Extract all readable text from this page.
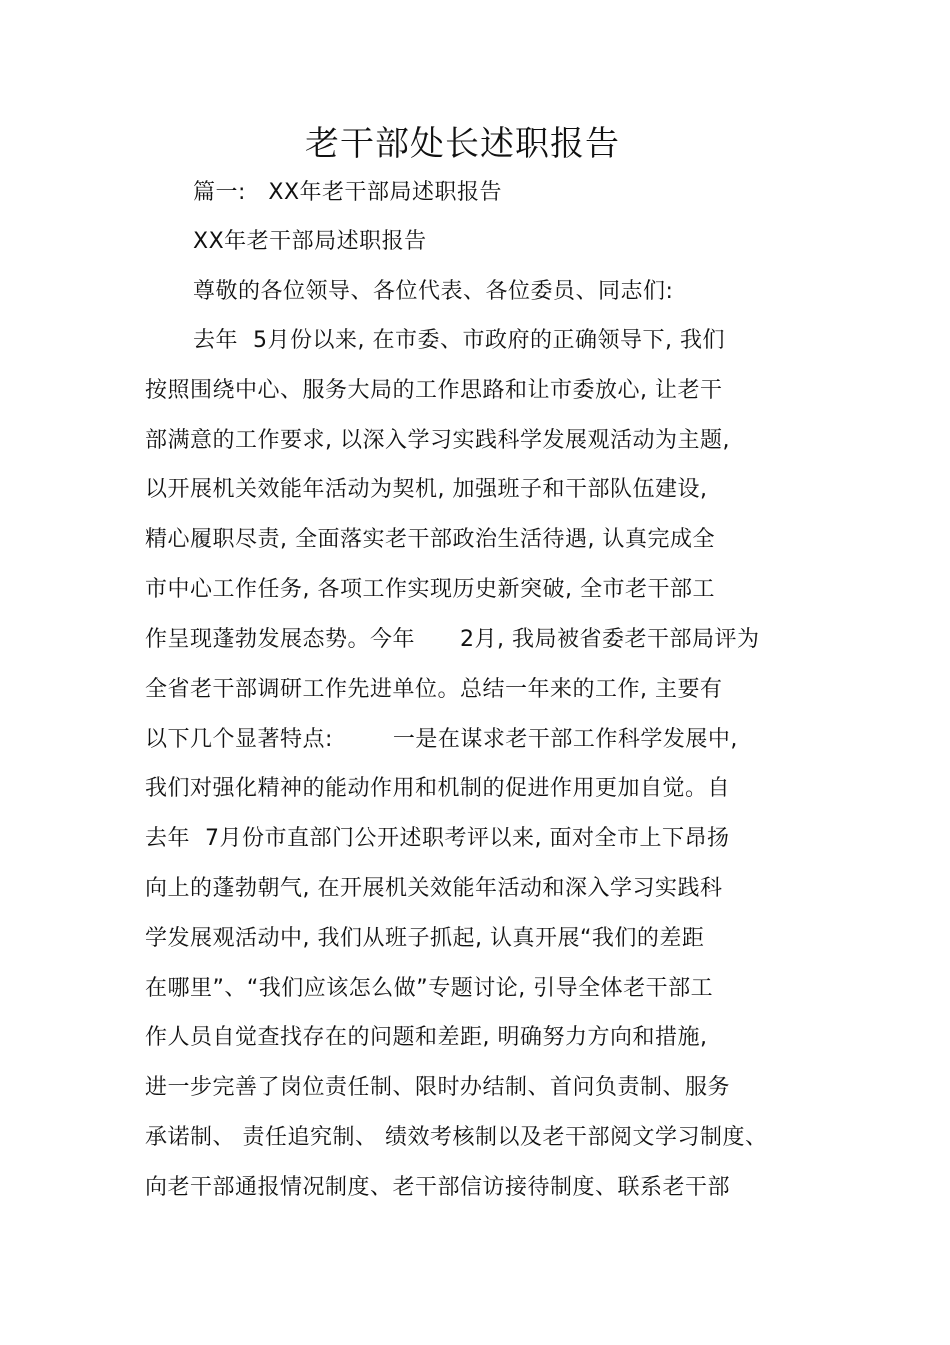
老干部处长述职报告
篇一:   XX年老干部局述职报告
XX年老干部局述职报告
尊敬的各位领导、各位代表、各位委员、同志们:
去年  5月份以来, 在市委、市政府的正确领导下, 我们
按照围绕中心、服务大局的工作思路和让市委放心, 让老干
部满意的工作要求, 以深入学习实践科学发展观活动为主题,
以开展机关效能年活动为契机, 加强班子和干部队伍建设,
精心履职尽责, 全面落实老干部政治生活待遇, 认真完成全
市中心工作任务, 各项工作实现历史新突破, 全市老干部工
作呈现蓬勃发展态势。今年      2月, 我局被省委老干部局评为
全省老干部调研工作先进单位。总结一年来的工作, 主要有
以下几个显著特点:        一是在谋求老干部工作科学发展中,
我们对强化精神的能动作用和机制的促进作用更加自觉。自
去年  7月份市直部门公开述职考评以来, 面对全市上下昂扬
向上的蓬勃朝气, 在开展机关效能年活动和深入学习实践科
学发展观活动中, 我们从班子抓起, 认真开展“我们的差距
在哪里”、“我们应该怎么做”专题讨论, 引导全体老干部工
作人员自觉查找存在的问题和差距, 明确努力方向和措施,
进一步完善了岗位责任制、限时办结制、首问负责制、服务
承诺制、 责任追究制、 绩效考核制以及老干部阅文学习制度、
向老干部通报情况制度、老干部信访接待制度、联系老干部
